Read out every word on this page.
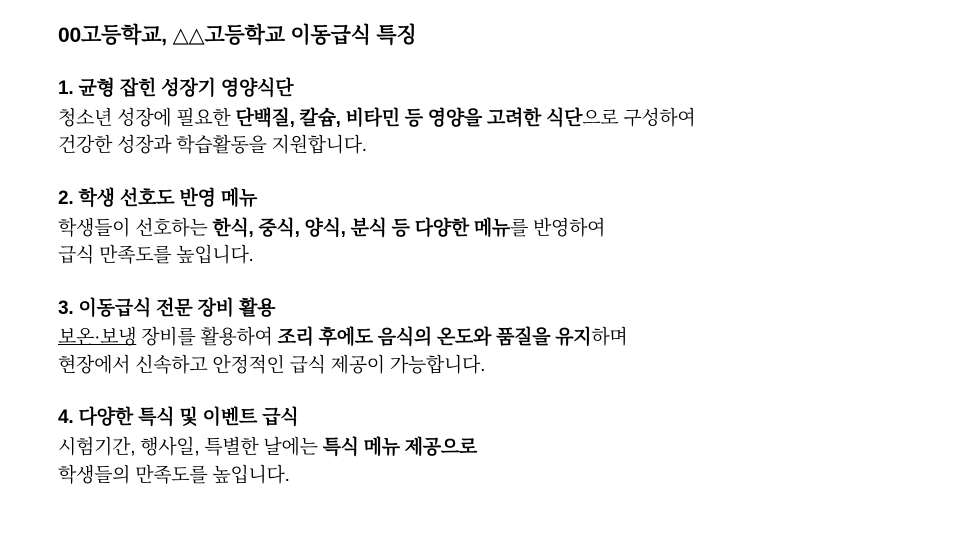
00고등학교, △△고등학교 이동급식 특징
1. 균형 잡힌 성장기 영양식단
청소년 성장에 필요한 단백질, 칼슘, 비타민 등 영양을 고려한 식단으로 구성하여
건강한 성장과 학습활동을 지원합니다.
2. 학생 선호도 반영 메뉴
학생들이 선호하는 한식, 중식, 양식, 분식 등 다양한 메뉴를 반영하여
급식 만족도를 높입니다.
3. 이동급식 전문 장비 활용
보온·보냉 장비를 활용하여 조리 후에도 음식의 온도와 품질을 유지하며
현장에서 신속하고 안정적인 급식 제공이 가능합니다.
4. 다양한 특식 및 이벤트 급식
시험기간, 행사일, 특별한 날에는 특식 메뉴 제공으로
학생들의 만족도를 높입니다.
